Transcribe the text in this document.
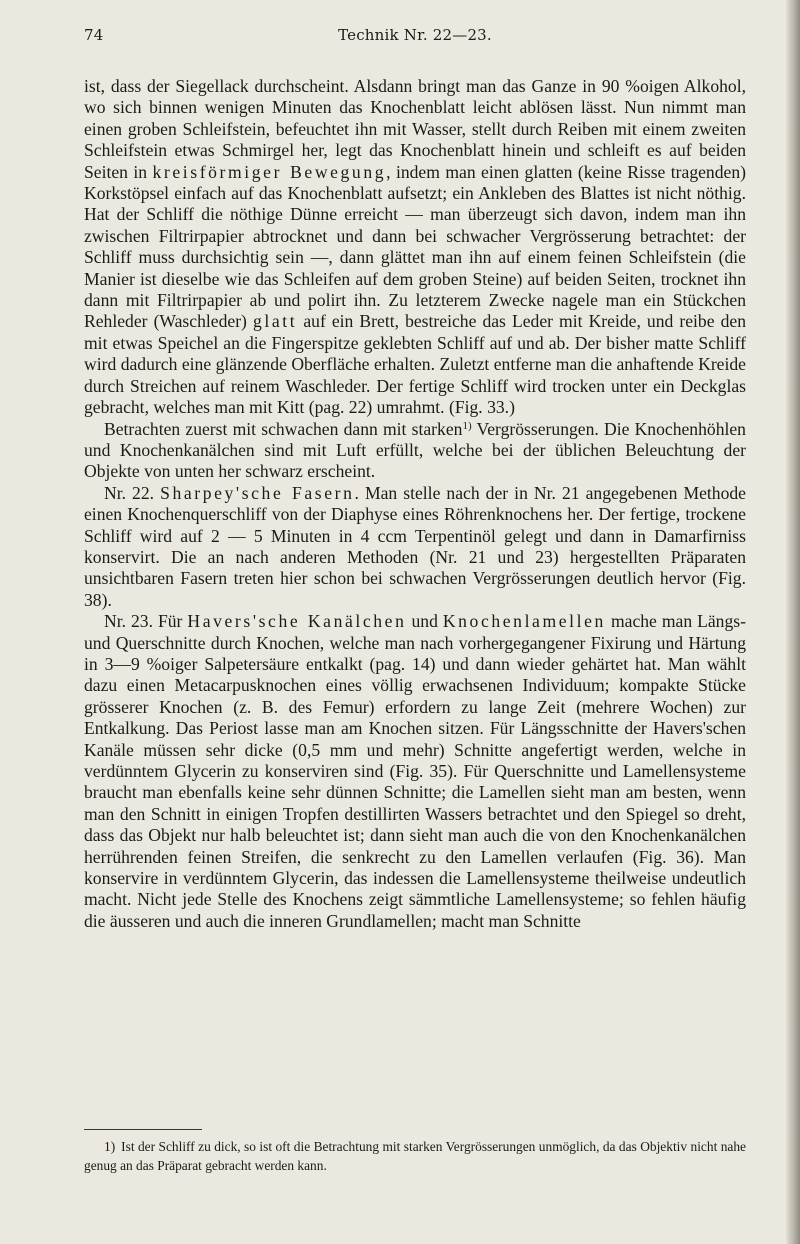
74	Technik Nr. 22—23.

ist, dass der Siegellack durchscheint. Alsdann bringt man das Ganze in 90 %oigen Alkohol, wo sich binnen wenigen Minuten das Knochenblatt leicht ablösen lässt. Nun nimmt man einen groben Schleifstein, befeuchtet ihn mit Wasser, stellt durch Reiben mit einem zweiten Schleifstein etwas Schmirgel her, legt das Knochenblatt hinein und schleift es auf beiden Seiten in kreisförmiger Bewegung, indem man einen glatten (keine Risse tragenden) Korkstöpsel einfach auf das Knochenblatt aufsetzt; ein Ankleben des Blattes ist nicht nöthig. Hat der Schliff die nöthige Dünne erreicht — man überzeugt sich davon, indem man ihn zwischen Filtrirpapier abtrocknet und dann bei schwacher Vergrösserung betrachtet: der Schliff muss durchsichtig sein —, dann glättet man ihn auf einem feinen Schleifstein (die Manier ist dieselbe wie das Schleifen auf dem groben Steine) auf beiden Seiten, trocknet ihn dann mit Filtrirpapier ab und polirt ihn. Zu letzterem Zwecke nagele man ein Stückchen Rehleder (Waschleder) glatt auf ein Brett, bestreiche das Leder mit Kreide, und reibe den mit etwas Speichel an die Fingerspitze geklebten Schliff auf und ab. Der bisher matte Schliff wird dadurch eine glänzende Oberfläche erhalten. Zuletzt entferne man die anhaftende Kreide durch Streichen auf reinem Waschleder. Der fertige Schliff wird trocken unter ein Deckglas gebracht, welches man mit Kitt (pag. 22) umrahmt. (Fig. 33.)

Betrachten zuerst mit schwachen dann mit starken$^{1)}$ Vergrösserungen. Die Knochenhöhlen und Knochenkanälchen sind mit Luft erfüllt, welche bei der üblichen Beleuchtung der Objekte von unten her schwarz erscheint.

Nr. 22. Sharpey'sche Fasern. Man stelle nach der in Nr. 21 angegebenen Methode einen Knochenquerschliff von der Diaphyse eines Röhrenknochens her. Der fertige, trockene Schliff wird auf 2 — 5 Minuten in 4 ccm Terpentinöl gelegt und dann in Damarfirniss konservirt. Die an nach anderen Methoden (Nr. 21 und 23) hergestellten Präparaten unsichtbaren Fasern treten hier schon bei schwachen Vergrösserungen deutlich hervor (Fig. 38).

Nr. 23. Für Havers'sche Kanälchen und Knochenlamellen mache man Längs- und Querschnitte durch Knochen, welche man nach vorhergegangener Fixirung und Härtung in 3—9 %oiger Salpetersäure entkalkt (pag. 14) und dann wieder gehärtet hat. Man wählt dazu einen Metacarpusknochen eines völlig erwachsenen Individuum; kompakte Stücke grösserer Knochen (z. B. des Femur) erfordern zu lange Zeit (mehrere Wochen) zur Entkalkung. Das Periost lasse man am Knochen sitzen. Für Längsschnitte der Havers'schen Kanäle müssen sehr dicke (0,5 mm und mehr) Schnitte angefertigt werden, welche in verdünntem Glycerin zu konserviren sind (Fig. 35). Für Querschnitte und Lamellensysteme braucht man ebenfalls keine sehr dünnen Schnitte; die Lamellen sieht man am besten, wenn man den Schnitt in einigen Tropfen destillirten Wassers betrachtet und den Spiegel so dreht, dass das Objekt nur halb beleuchtet ist; dann sieht man auch die von den Knochenkanälchen herrührenden feinen Streifen, die senkrecht zu den Lamellen verlaufen (Fig. 36). Man konservire in verdünntem Glycerin, das indessen die Lamellensysteme theilweise undeutlich macht. Nicht jede Stelle des Knochens zeigt sämmtliche Lamellensysteme; so fehlen häufig die äusseren und auch die inneren Grundlamellen; macht man Schnitte

1) Ist der Schliff zu dick, so ist oft die Betrachtung mit starken Vergrösserungen unmöglich, da das Objektiv nicht nahe genug an das Präparat gebracht werden kann.
